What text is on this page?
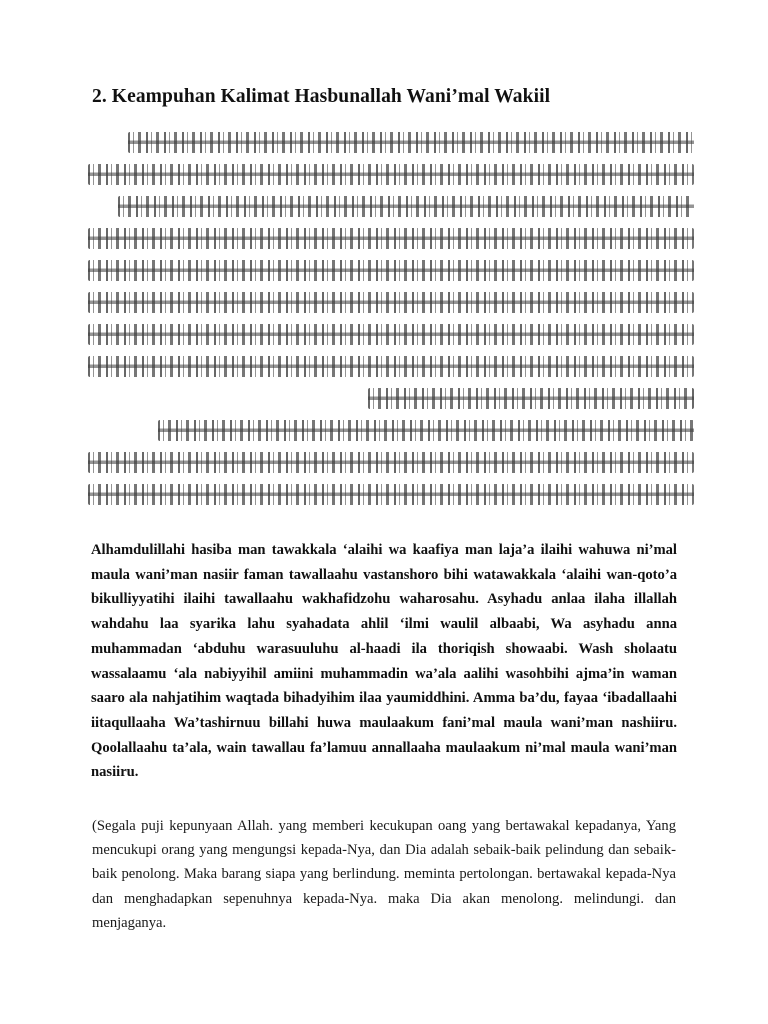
2. Keampuhan Kalimat Hasbunallah Wani’mal Wakiil

Alhamdulillahi hasiba man tawakkala ‘alaihi wa kaafiya man laja’a ilaihi wahuwa ni’mal maula wani’man nasiir faman tawallaahu vastanshoro bihi watawakkala ‘alaihi wan-qoto’a bikulliyyatihi ilaihi tawallaahu wakhafidzohu waharosahu. Asyhadu anlaa ilaha illallah wahdahu laa syarika lahu syahadata ahlil ‘ilmi waulil albaabi, Wa asyhadu anna muhammadan ‘abduhu warasuuluhu al-haadi ila thoriqish showaabi. Wash sholaatu wassalaamu ‘ala nabiyyihil amiini muhammadin wa’ala aalihi wasohbihi ajma’in waman saaro ala nahjatihim waqtada bihadyihim ilaa yaumiddhini. Amma ba’du, fayaa ‘ibadallaahi iitaqullaaha Wa’tashirnuu billahi huwa maulaakum fani’mal maula wani’man nashiiru. Qoolallaahu ta’ala, wain tawallau fa’lamuu annallaaha maulaakum ni’mal maula wani’man nasiiru.

(Segala puji kepunyaan Allah. yang memberi kecukupan oang yang bertawakal kepadanya, Yang mencukupi orang yang mengungsi kepada-Nya, dan Dia adalah sebaik-baik pelindung dan sebaik-baik penolong. Maka barang siapa yang berlindung. meminta pertolongan. bertawakal kepada-Nya dan menghadapkan sepenuhnya kepada-Nya. maka Dia akan menolong. melindungi. dan menjaganya.
